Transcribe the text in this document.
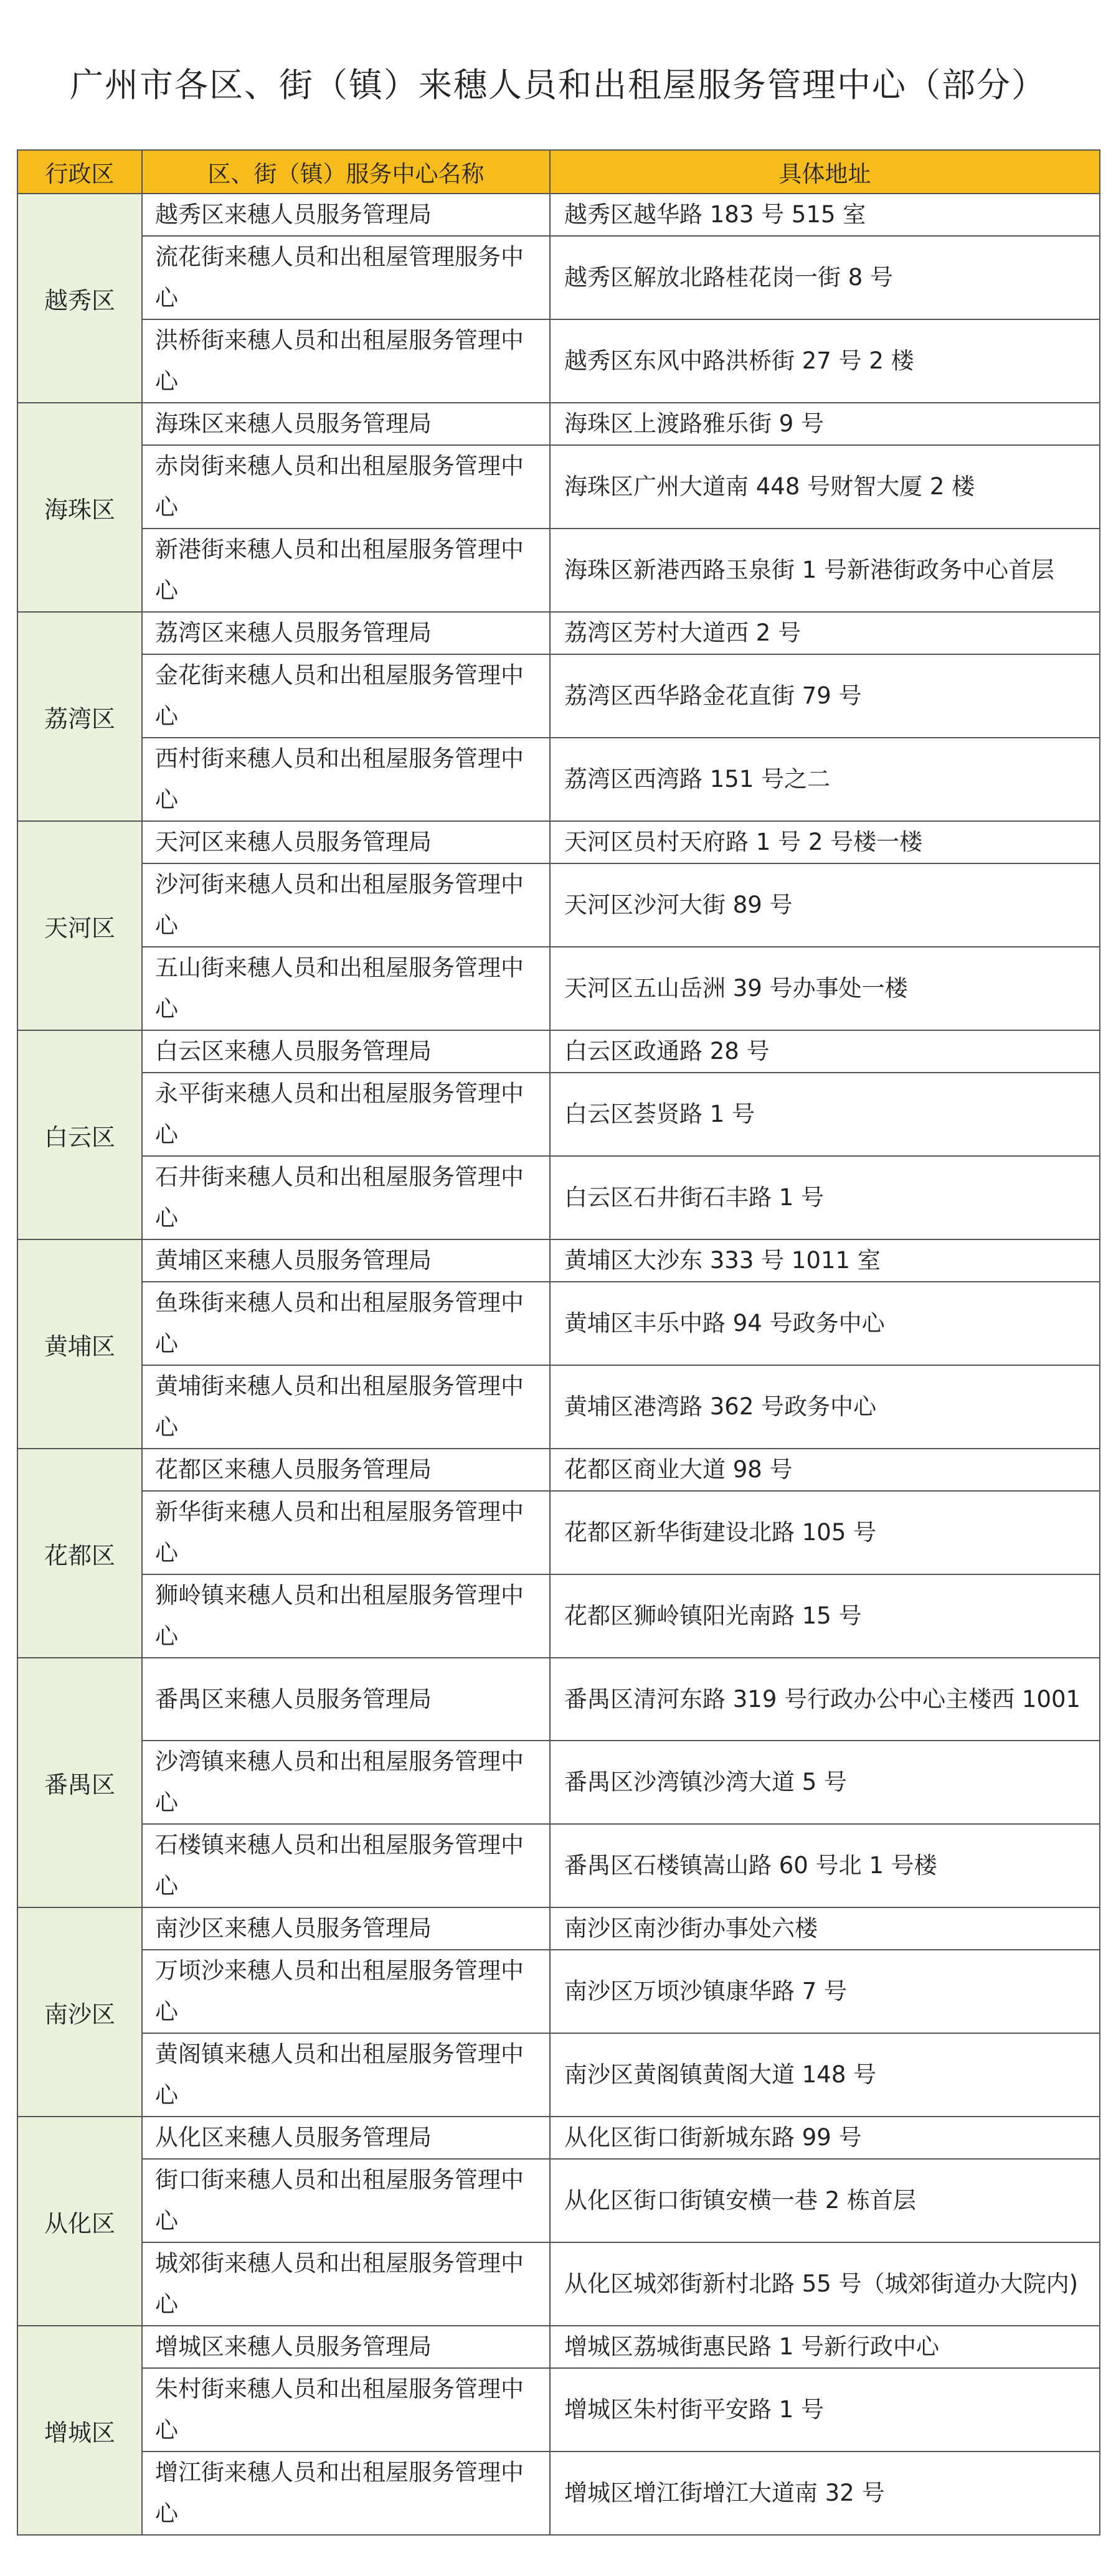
广州市各区、街（镇）来穗人员和出租屋服务管理中心（部分）
行政区	区、街（镇）服务中心名称	具体地址
越秀区	越秀区来穗人员服务管理局	越秀区越华路 183 号 515 室
	流花街来穗人员和出租屋管理服务中心	越秀区解放北路桂花岗一街 8 号
	洪桥街来穗人员和出租屋服务管理中心	越秀区东风中路洪桥街 27 号 2 楼
海珠区	海珠区来穗人员服务管理局	海珠区上渡路雅乐街 9 号
	赤岗街来穗人员和出租屋服务管理中心	海珠区广州大道南 448 号财智大厦 2 楼
	新港街来穗人员和出租屋服务管理中心	海珠区新港西路玉泉街 1 号新港街政务中心首层
荔湾区	荔湾区来穗人员服务管理局	荔湾区芳村大道西 2 号
	金花街来穗人员和出租屋服务管理中心	荔湾区西华路金花直街 79 号
	西村街来穗人员和出租屋服务管理中心	荔湾区西湾路 151 号之二
天河区	天河区来穗人员服务管理局	天河区员村天府路 1 号 2 号楼一楼
	沙河街来穗人员和出租屋服务管理中心	天河区沙河大街 89 号
	五山街来穗人员和出租屋服务管理中心	天河区五山岳洲 39 号办事处一楼
白云区	白云区来穗人员服务管理局	白云区政通路 28 号
	永平街来穗人员和出租屋服务管理中心	白云区荟贤路 1 号
	石井街来穗人员和出租屋服务管理中心	白云区石井街石丰路 1 号
黄埔区	黄埔区来穗人员服务管理局	黄埔区大沙东 333 号 1011 室
	鱼珠街来穗人员和出租屋服务管理中心	黄埔区丰乐中路 94 号政务中心
	黄埔街来穗人员和出租屋服务管理中心	黄埔区港湾路 362 号政务中心
花都区	花都区来穗人员服务管理局	花都区商业大道 98 号
	新华街来穗人员和出租屋服务管理中心	花都区新华街建设北路 105 号
	狮岭镇来穗人员和出租屋服务管理中心	花都区狮岭镇阳光南路 15 号
番禺区	番禺区来穗人员服务管理局	番禺区清河东路 319 号行政办公中心主楼西 1001
	沙湾镇来穗人员和出租屋服务管理中心	番禺区沙湾镇沙湾大道 5 号
	石楼镇来穗人员和出租屋服务管理中心	番禺区石楼镇嵩山路 60 号北 1 号楼
南沙区	南沙区来穗人员服务管理局	南沙区南沙街办事处六楼
	万顷沙来穗人员和出租屋服务管理中心	南沙区万顷沙镇康华路 7 号
	黄阁镇来穗人员和出租屋服务管理中心	南沙区黄阁镇黄阁大道 148 号
从化区	从化区来穗人员服务管理局	从化区街口街新城东路 99 号
	街口街来穗人员和出租屋服务管理中心	从化区街口街镇安横一巷 2 栋首层
	城郊街来穗人员和出租屋服务管理中心	从化区城郊街新村北路 55 号（城郊街道办大院内)
增城区	增城区来穗人员服务管理局	增城区荔城街惠民路 1 号新行政中心
	朱村街来穗人员和出租屋服务管理中心	增城区朱村街平安路 1 号
	增江街来穗人员和出租屋服务管理中心	增城区增江街增江大道南 32 号
